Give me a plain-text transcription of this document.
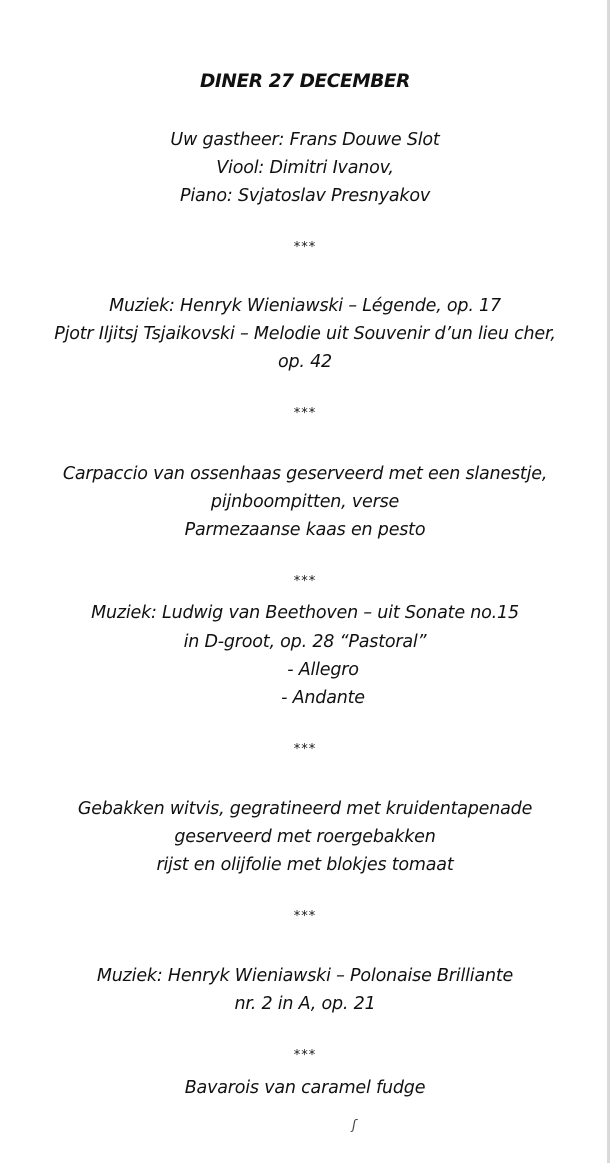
DINER 27 DECEMBER
Uw gastheer: Frans Douwe Slot
Viool: Dimitri Ivanov,
Piano: Svjatoslav Presnyakov
***
Muziek: Henryk Wieniawski – Légende, op. 17
Pjotr Iljitsj Tsjaikovski – Melodie uit Souvenir d’un lieu cher,
op. 42
***
Carpaccio van ossenhaas geserveerd met een slanestje,
pijnboompitten, verse
Parmezaanse kaas en pesto
***
Muziek: Ludwig van Beethoven – uit Sonate no.15
in D-groot, op. 28 “Pastoral”
- Allegro
- Andante
***
Gebakken witvis, gegratineerd met kruidentapenade
geserveerd met roergebakken
rijst en olijfolie met blokjes tomaat
***
Muziek: Henryk Wieniawski – Polonaise Brilliante
nr. 2 in A, op. 21
***
Bavarois van caramel fudge
ʃ
